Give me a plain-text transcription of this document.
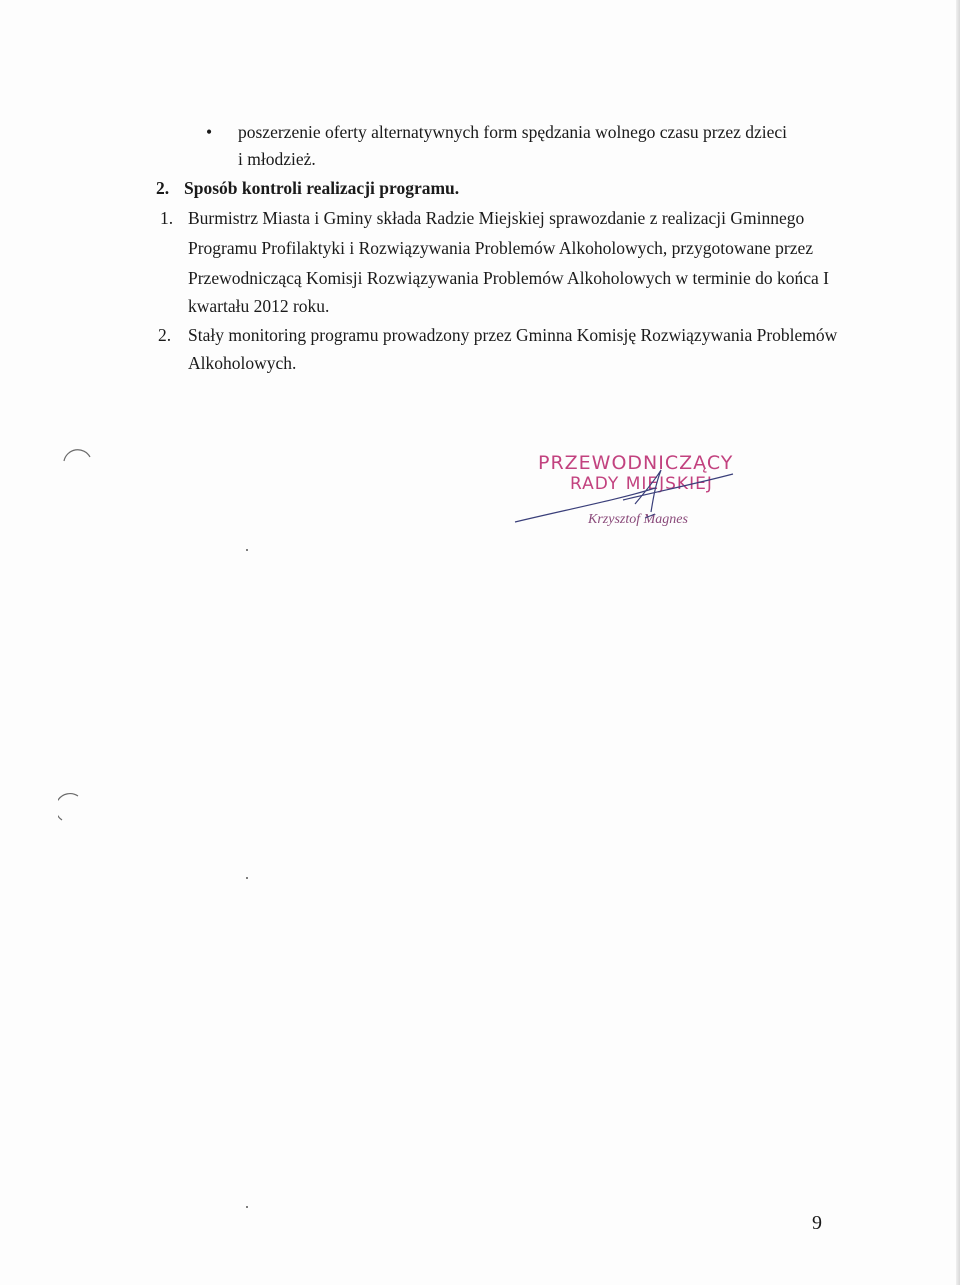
• poszerzenie oferty alternatywnych form spędzania wolnego czasu przez dzieci
i młodzież.
2. Sposób kontroli realizacji programu.
1. Burmistrz Miasta i Gminy składa Radzie Miejskiej sprawozdanie z realizacji Gminnego
Programu Profilaktyki i Rozwiązywania Problemów Alkoholowych, przygotowane przez
Przewodniczącą Komisji Rozwiązywania Problemów Alkoholowych w terminie do końca I
kwartału 2012 roku.
2. Stały monitoring programu prowadzony przez Gminna Komisję Rozwiązywania Problemów
Alkoholowych.
PRZEWODNICZĄCY
RADY MIEJSKIEJ
Krzysztof Magnes
9
